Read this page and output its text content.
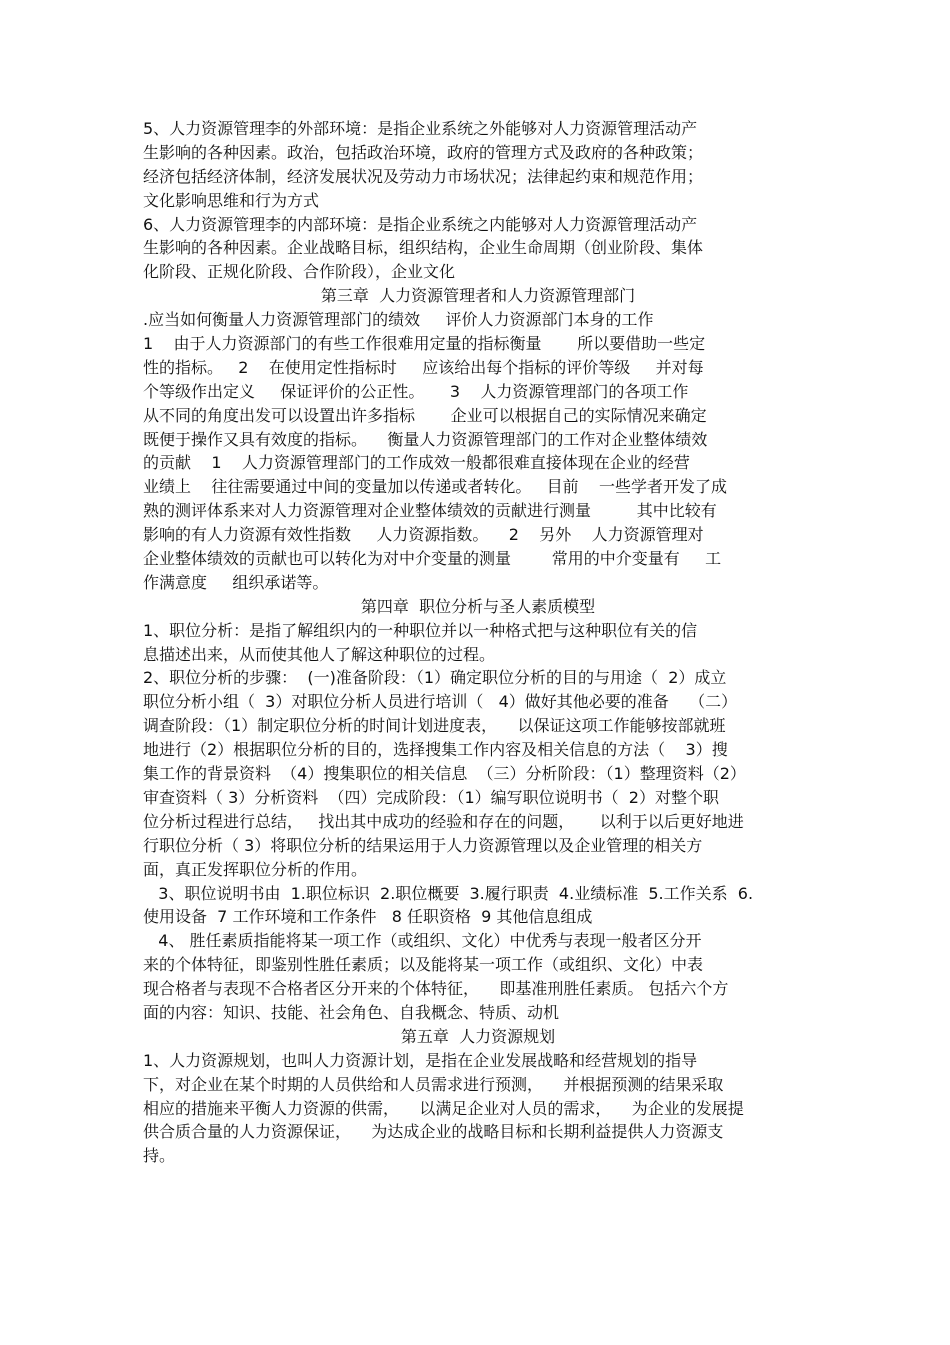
5、人力资源管理李的外部环境：是指企业系统之外能够对人力资源管理活动产
生影响的各种因素。政治，包括政治环境，政府的管理方式及政府的各种政策；
经济包括经济体制，经济发展状况及劳动力市场状况；法律起约束和规范作用；
文化影响思维和行为方式
6、人力资源管理李的内部环境：是指企业系统之内能够对人力资源管理活动产
生影响的各种因素。企业战略目标，组织结构，企业生命周期（创业阶段、集体
化阶段、正规化阶段、合作阶段），企业文化
第三章  人力资源管理者和人力资源管理部门
.应当如何衡量人力资源管理部门的绩效     评价人力资源部门本身的工作
1    由于人力资源部门的有些工作很难用定量的指标衡量       所以要借助一些定
性的指标。   2    在使用定性指标时     应该给出每个指标的评价等级     并对每
个等级作出定义     保证评价的公正性。     3    人力资源管理部门的各项工作
从不同的角度出发可以设置出许多指标       企业可以根据自己的实际情况来确定
既便于操作又具有效度的指标。    衡量人力资源管理部门的工作对企业整体绩效
的贡献    1    人力资源管理部门的工作成效一般都很难直接体现在企业的经营
业绩上    往往需要通过中间的变量加以传递或者转化。   目前    一些学者开发了成
熟的测评体系来对人力资源管理对企业整体绩效的贡献进行测量         其中比较有
影响的有人力资源有效性指数     人力资源指数。    2    另外    人力资源管理对
企业整体绩效的贡献也可以转化为对中介变量的测量        常用的中介变量有     工
作满意度     组织承诺等。
第四章  职位分析与圣人素质模型
1、职位分析：是指了解组织内的一种职位并以一种格式把与这种职位有关的信
息描述出来，从而使其他人了解这种职位的过程。
2、职位分析的步骤：  (一)准备阶段：（1）确定职位分析的目的与用途（  2）成立
职位分析小组（  3）对职位分析人员进行培训（   4）做好其他必要的准备    （二）
调查阶段：（1）制定职位分析的时间计划进度表，    以保证这项工作能够按部就班
地进行（2）根据职位分析的目的，选择搜集工作内容及相关信息的方法（    3）搜
集工作的背景资料  （4）搜集职位的相关信息  （三）分析阶段：（1）整理资料（2）
审查资料（ 3）分析资料  （四）完成阶段：（1）编写职位说明书（  2）对整个职
位分析过程进行总结，   找出其中成功的经验和存在的问题，     以利于以后更好地进
行职位分析（ 3）将职位分析的结果运用于人力资源管理以及企业管理的相关方
面，真正发挥职位分析的作用。
3、职位说明书由  1.职位标识  2.职位概要  3.履行职责  4.业绩标准  5.工作关系  6.
使用设备  7 工作环境和工作条件   8 任职资格  9 其他信息组成
4、 胜任素质指能将某一项工作（或组织、文化）中优秀与表现一般者区分开
来的个体特征，即鉴别性胜任素质；以及能将某一项工作（或组织、文化）中表
现合格者与表现不合格者区分开来的个体特征，    即基准刑胜任素质。 包括六个方
面的内容：知识、技能、社会角色、自我概念、特质、动机
第五章  人力资源规划
1、人力资源规划，也叫人力资源计划，是指在企业发展战略和经营规划的指导
下，对企业在某个时期的人员供给和人员需求进行预测，    并根据预测的结果采取
相应的措施来平衡人力资源的供需，    以满足企业对人员的需求，    为企业的发展提
供合质合量的人力资源保证，    为达成企业的战略目标和长期利益提供人力资源支
持。
